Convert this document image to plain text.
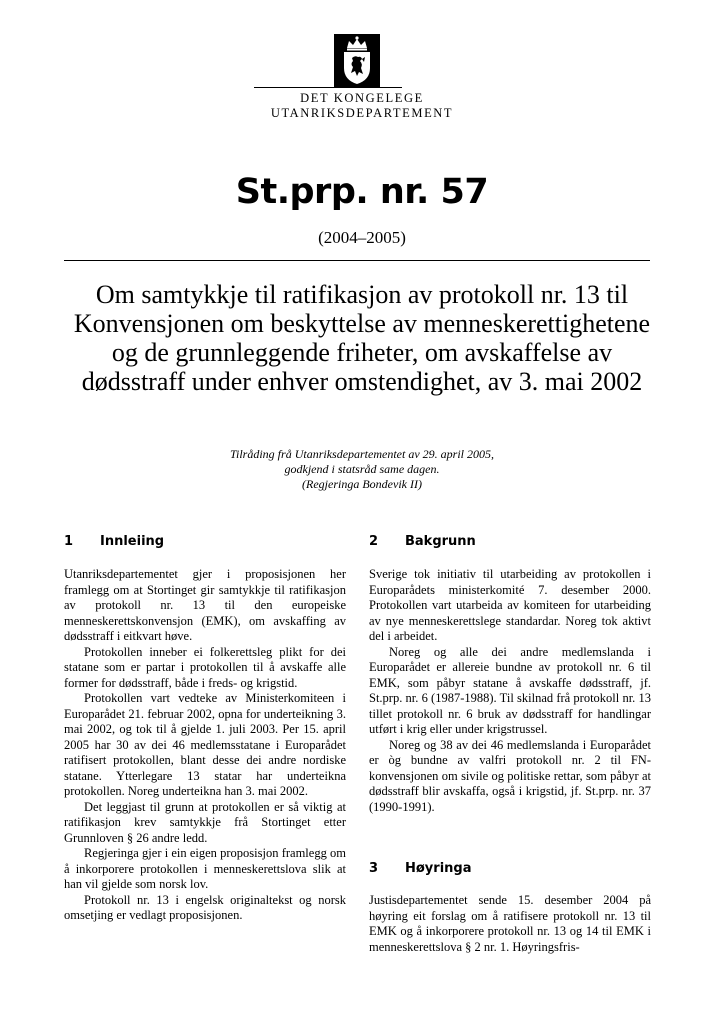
DET KONGELEGE
UTANRIKSDEPARTEMENT
St.prp. nr. 57
(2004–2005)
Om samtykkje til ratifikasjon av protokoll nr. 13 til Konvensjonen om beskyttelse av menneskerettighetene og de grunnleggende friheter, om avskaffelse av dødsstraff under enhver omstendighet, av 3. mai 2002
Tilråding frå Utanriksdepartementet av 29. april 2005,
godkjend i statsråd same dagen.
(Regjeringa Bondevik II)
1 Innleiing

Utanriksdepartementet gjer i proposisjonen her framlegg om at Stortinget gir samtykkje til ratifikasjon av protokoll nr. 13 til den europeiske menneskerettskonvensjon (EMK), om avskaffing av dødsstraff i eitkvart høve.

Protokollen inneber ei folkerettsleg plikt for dei statane som er partar i protokollen til å avskaffe alle former for dødsstraff, både i freds- og krigstid.

Protokollen vart vedteke av Ministerkomiteen i Europarådet 21. februar 2002, opna for underteikning 3. mai 2002, og tok til å gjelde 1. juli 2003. Per 15. april 2005 har 30 av dei 46 medlemsstatane i Europarådet ratifisert protokollen, blant desse dei andre nordiske statane. Ytterlegare 13 statar har underteikna protokollen. Noreg underteikna han 3. mai 2002.

Det leggjast til grunn at protokollen er så viktig at ratifikasjon krev samtykkje frå Stortinget etter Grunnloven § 26 andre ledd.

Regjeringa gjer i ein eigen proposisjon framlegg om å inkorporere protokollen i menneskerettslova slik at han vil gjelde som norsk lov.

Protokoll nr. 13 i engelsk originaltekst og norsk omsetjing er vedlagt proposisjonen.

2 Bakgrunn

Sverige tok initiativ til utarbeiding av protokollen i Europarådets ministerkomité 7. desember 2000. Protokollen vart utarbeida av komiteen for utarbeiding av nye menneskerettslege standardar. Noreg tok aktivt del i arbeidet.

Noreg og alle dei andre medlemslanda i Europarådet er allereie bundne av protokoll nr. 6 til EMK, som påbyr statane å avskaffe dødsstraff, jf. St.prp. nr. 6 (1987-1988). Til skilnad frå protokoll nr. 13 tillet protokoll nr. 6 bruk av dødsstraff for handlingar utført i krig eller under krigstrussel.

Noreg og 38 av dei 46 medlemslanda i Europarådet er òg bundne av valfri protokoll nr. 2 til FN-konvensjonen om sivile og politiske rettar, som påbyr at dødsstraff blir avskaffa, også i krigstid, jf. St.prp. nr. 37 (1990-1991).

3 Høyringa

Justisdepartementet sende 15. desember 2004 på høyring eit forslag om å ratifisere protokoll nr. 13 til EMK og å inkorporere protokoll nr. 13 og 14 til EMK i menneskerettslova § 2 nr. 1. Høyringsfris-
